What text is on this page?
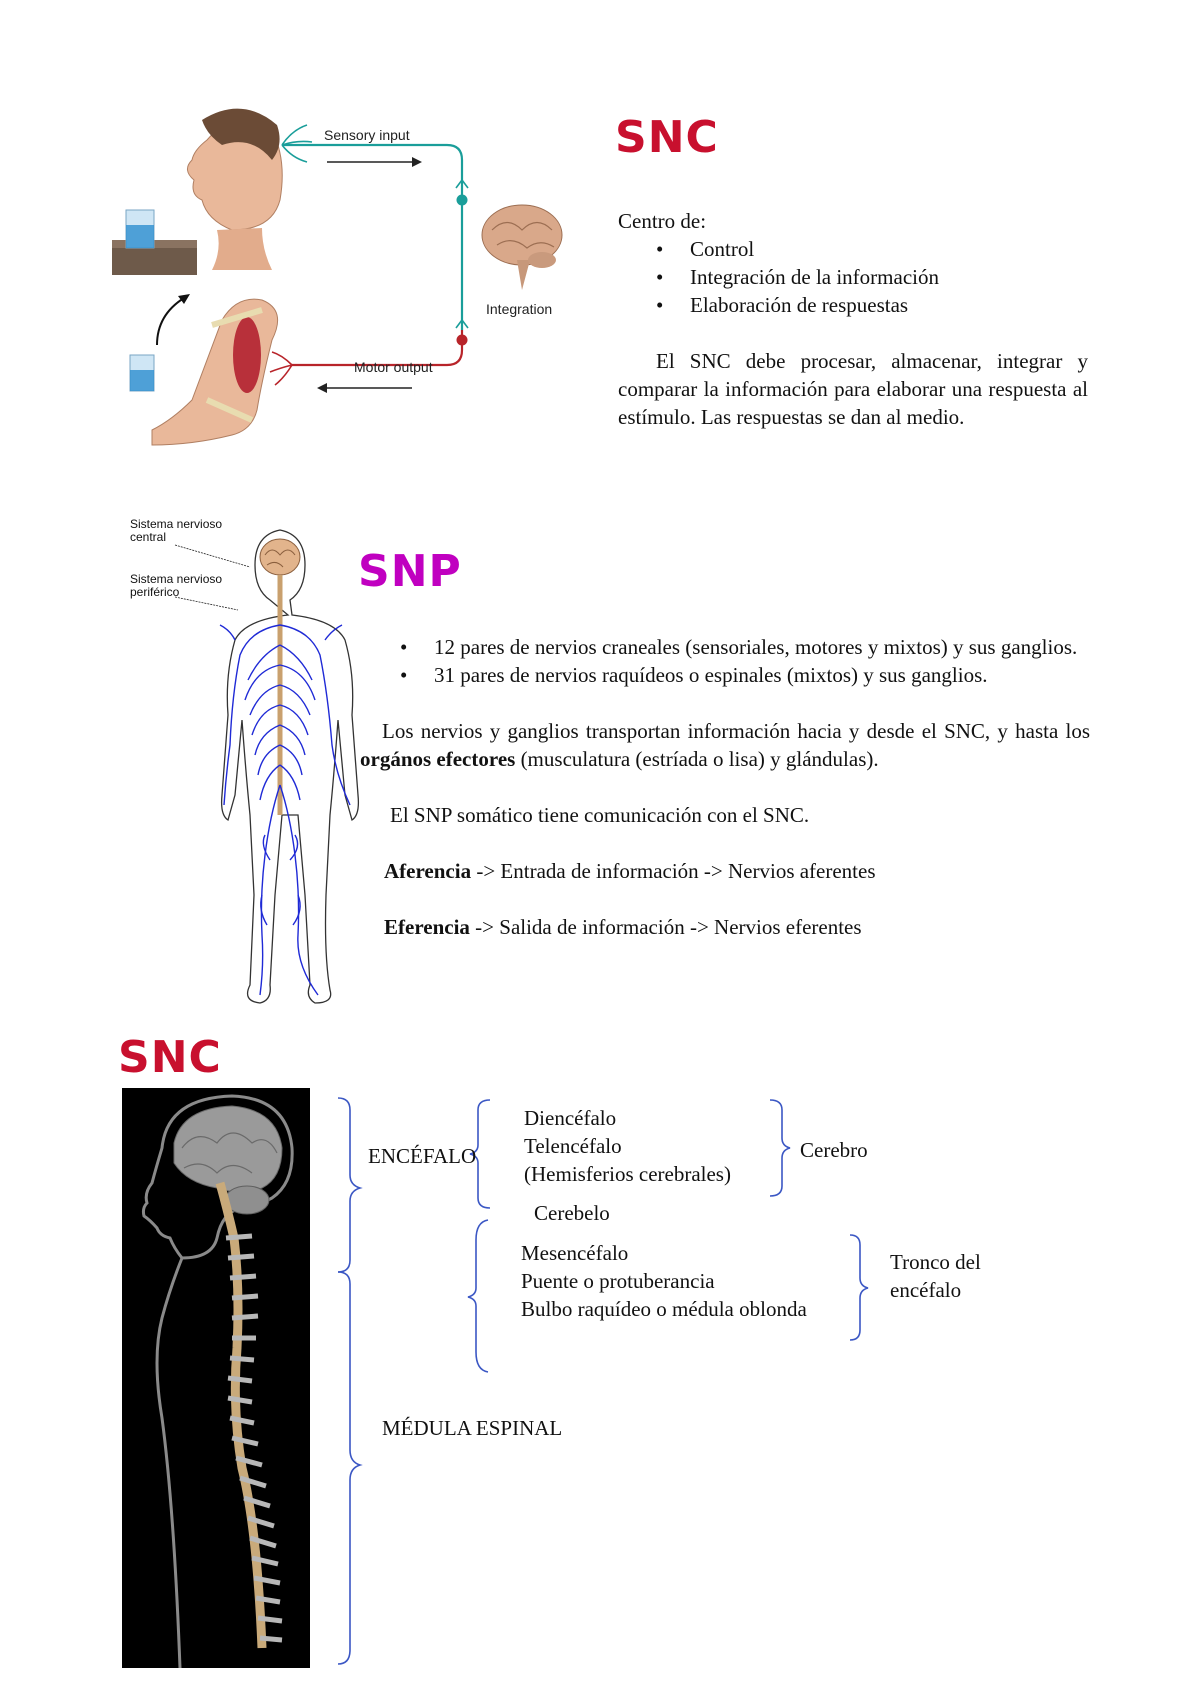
Sensory input
Integration
Motor output
SNC
Centro de:
• Control
• Integración de la información
• Elaboración de respuestas
El SNC debe procesar, almacenar, integrar y comparar la información para elaborar una respuesta al estímulo. Las respuestas se dan al medio.
Sistema nervioso central
Sistema nervioso periférico	SNP
• 12 pares de nervios craneales (sensoriales, motores y mixtos) y sus ganglios.
• 31 pares de nervios raquídeos o espinales (mixtos) y sus ganglios.
Los nervios y ganglios transportan información hacia y desde el SNC, y hasta los orgános efectores (musculatura (estríada o lisa) y glándulas).
El SNP somático tiene comunicación con el SNC.
Aferencia -> Entrada de información -> Nervios aferentes
Eferencia -> Salida de información -> Nervios eferentes
SNC
ENCÉFALO
Diencéfalo
Telencéfalo
(Hemisferios cerebrales)
Cerebro
Cerebelo
Mesencéfalo
Puente o protuberancia
Bulbo raquídeo o médula oblonda
Tronco del
encéfalo
MÉDULA ESPINAL
